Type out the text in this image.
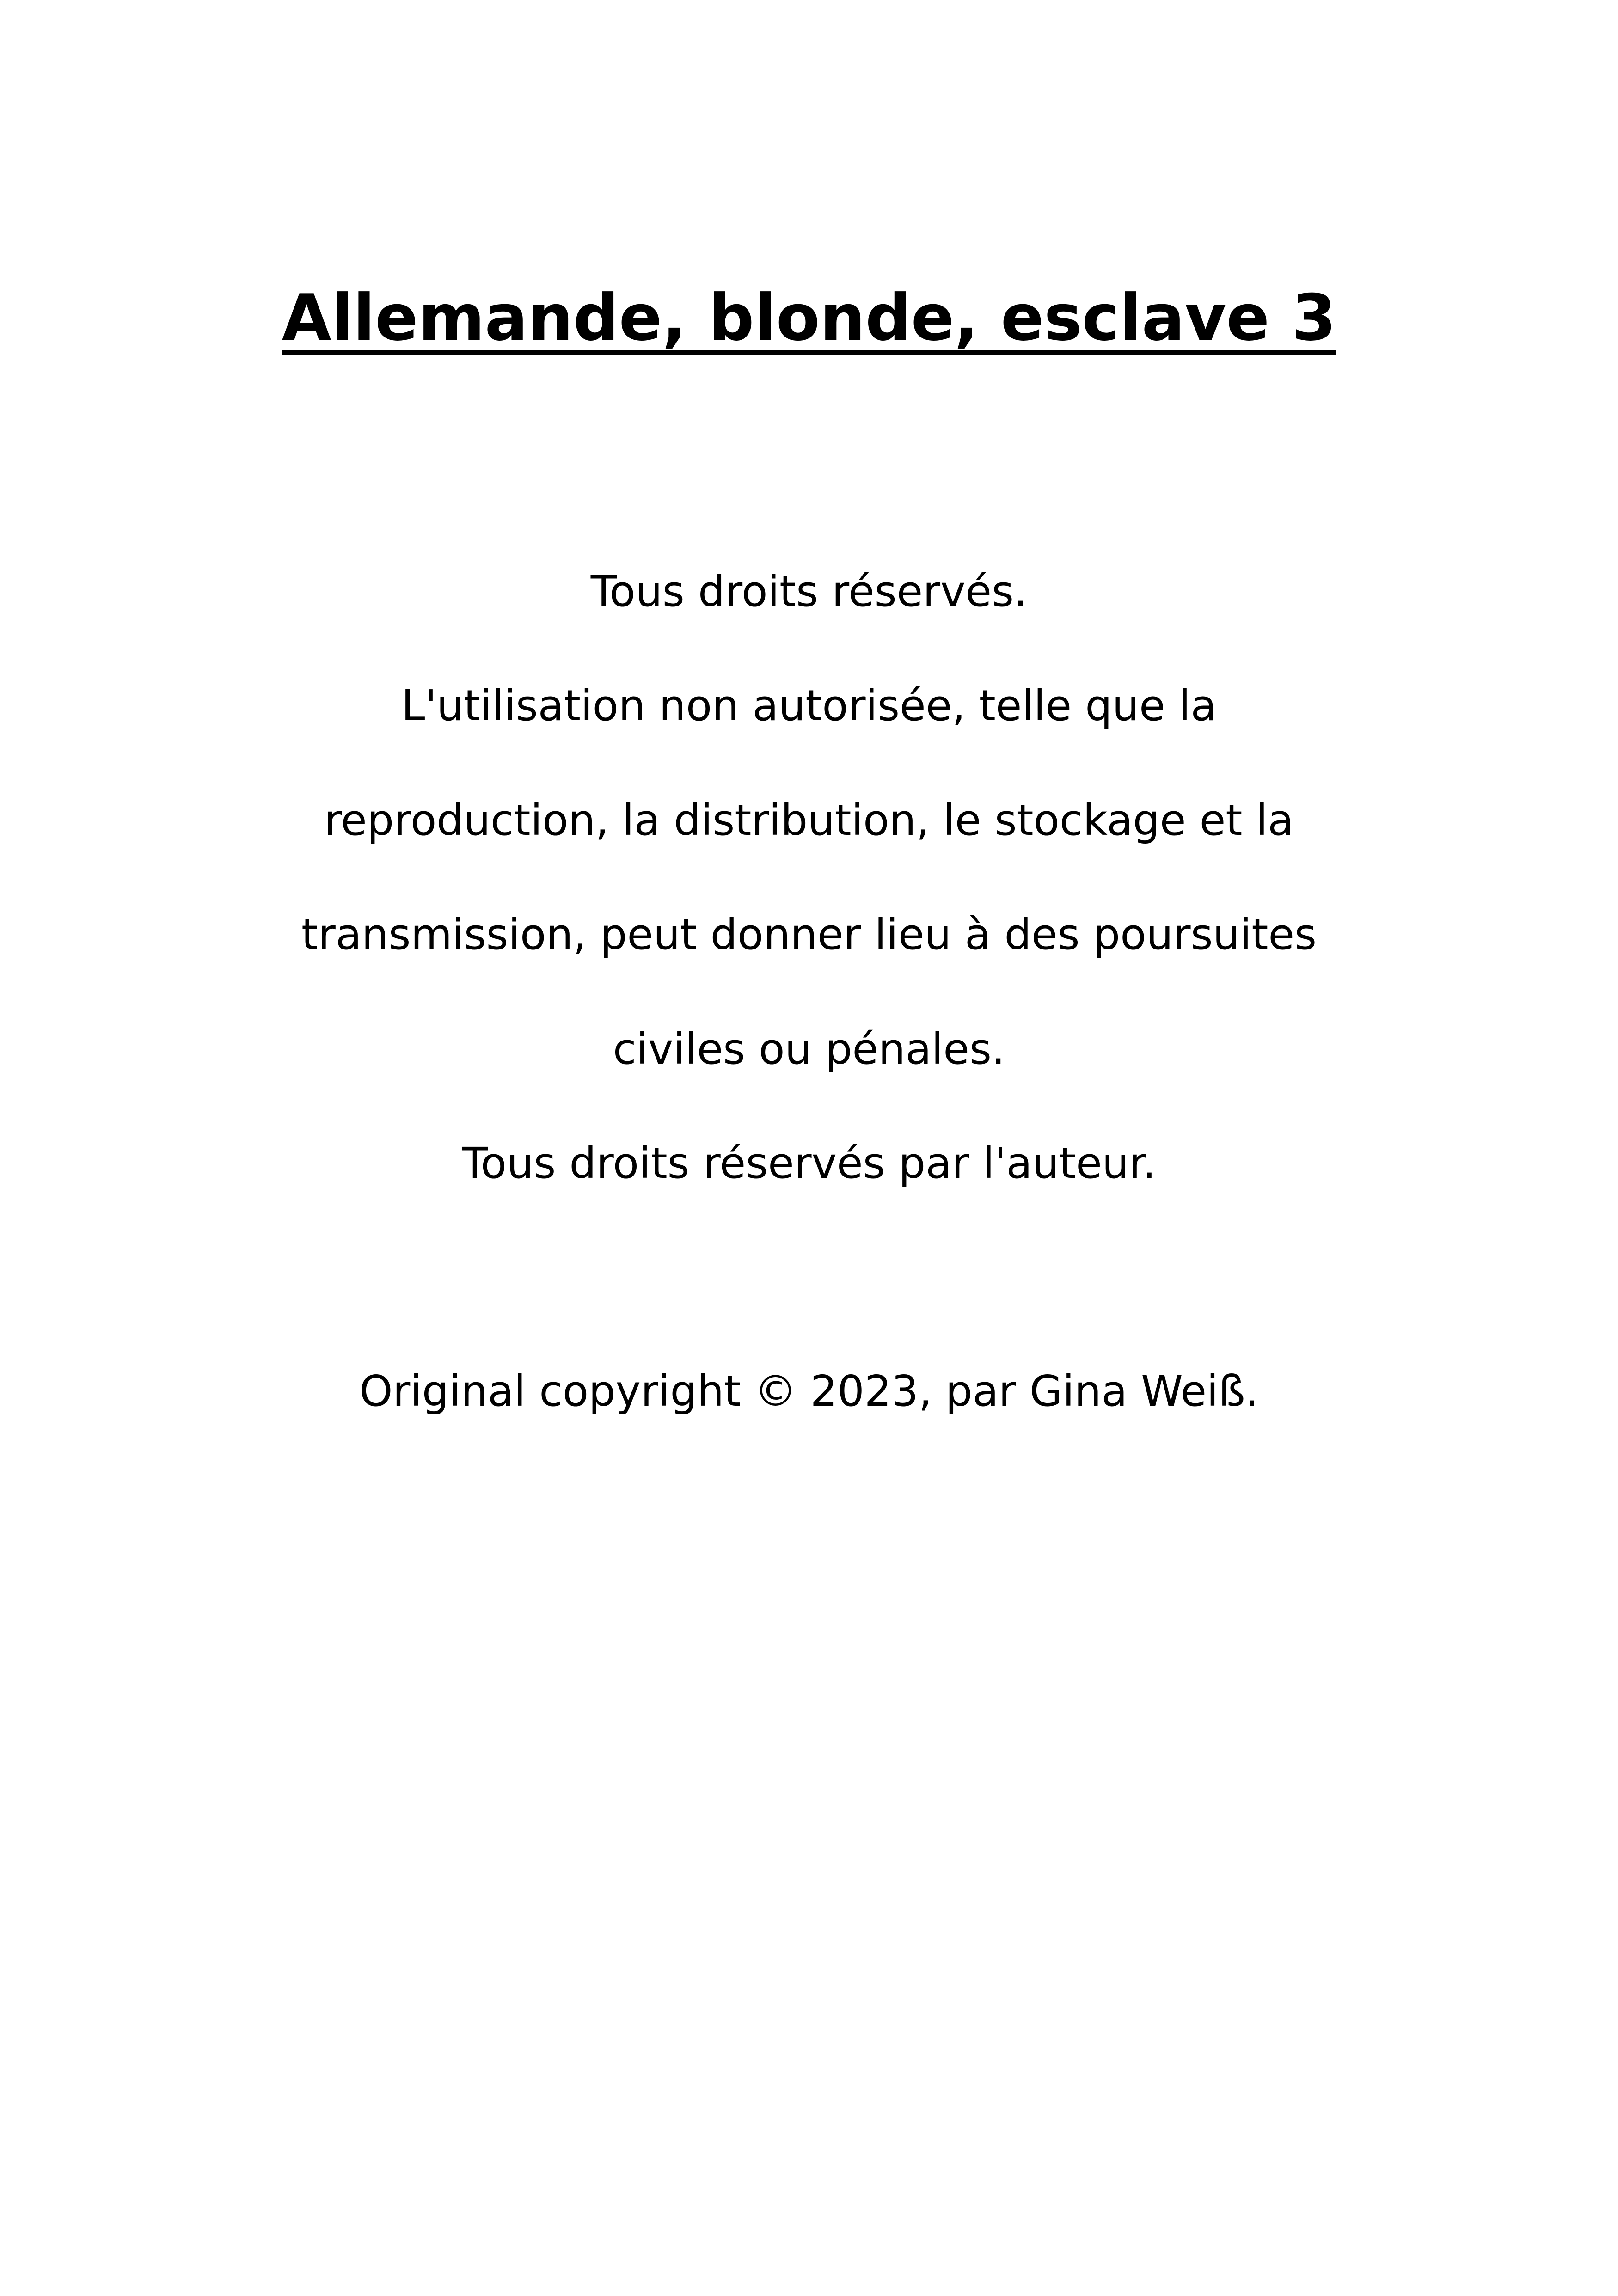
Allemande, blonde, esclave 3

Tous droits réservés.

L'utilisation non autorisée, telle que la

reproduction, la distribution, le stockage et la

transmission, peut donner lieu à des poursuites

civiles ou pénales.

Tous droits réservés par l'auteur.

Original copyright © 2023, par Gina Weiß.
